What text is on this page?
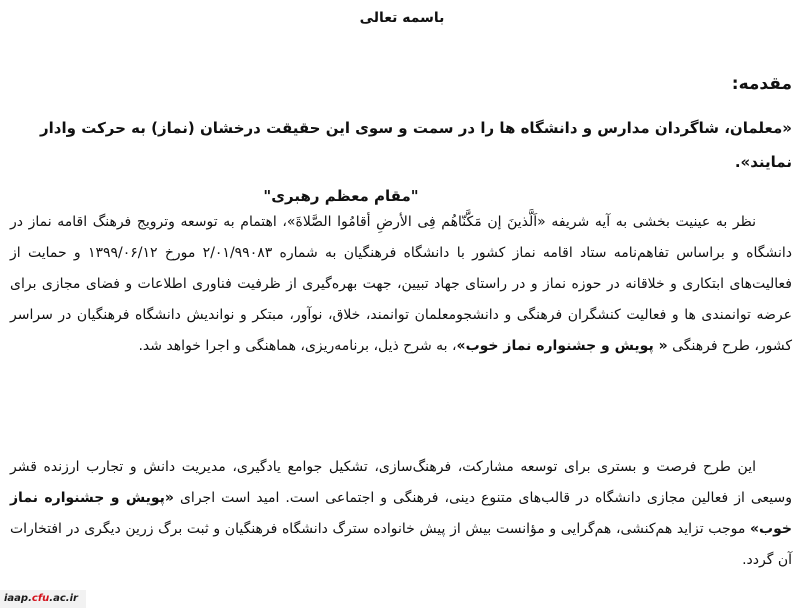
باسمه تعالی
مقدمه:
«معلمان، شاگردان مدارس و دانشگاه ها را در سمت و سوی این حقیقت درخشان (نماز) به حرکت وادار نمایند».
"مقام معظم رهبری"

نظر به عینیت بخشی به آیه شریفه «اَلَّذینَ إن مَکَّنّاهُم فِی الأرضِ أقامُوا الصَّلاةَ»، اهتمام به توسعه وترویج فرهنگ اقامه نماز در دانشگاه و براساس تفاهم‌نامه ستاد اقامه نماز کشور با دانشگاه فرهنگیان به شماره ۲/۰۱/۹۹۰۸۳ مورخ ۱۳۹۹/۰۶/۱۲ و حمایت از فعالیت‌های ابتکاری و خلاقانه در حوزه نماز و در راستای جهاد تبیین، جهت بهره‌گیری از ظرفیت فناوری اطلاعات و فضای مجازی برای عرضه توانمندی ها و فعالیت کنشگران فرهنگی و دانشجومعلمان توانمند، خلاق، نوآور، مبتکر و نواندیش دانشگاه فرهنگیان در سراسر کشور، طرح فرهنگی « پویش و جشنواره نماز خوب»، به شرح ذیل، برنامه‌ریزی، هماهنگی و اجرا خواهد شد.

این طرح فرصت و بستری برای توسعه مشارکت، فرهنگ‌سازی، تشکیل جوامع یادگیری، مدیریت دانش و تجارب ارزنده قشر وسیعی از فعالین مجازی دانشگاه در قالب‌های متنوع دینی، فرهنگی و اجتماعی است. امید است اجرای «پویش و جشنواره نماز خوب» موجب تزاید هم‌کنشی، هم‌گرایی و مؤانست بیش از پیش خانواده سترگ دانشگاه فرهنگیان و ثبت برگ زرین دیگری در افتخارات آن گردد.

iaap.cfu.ac.ir
